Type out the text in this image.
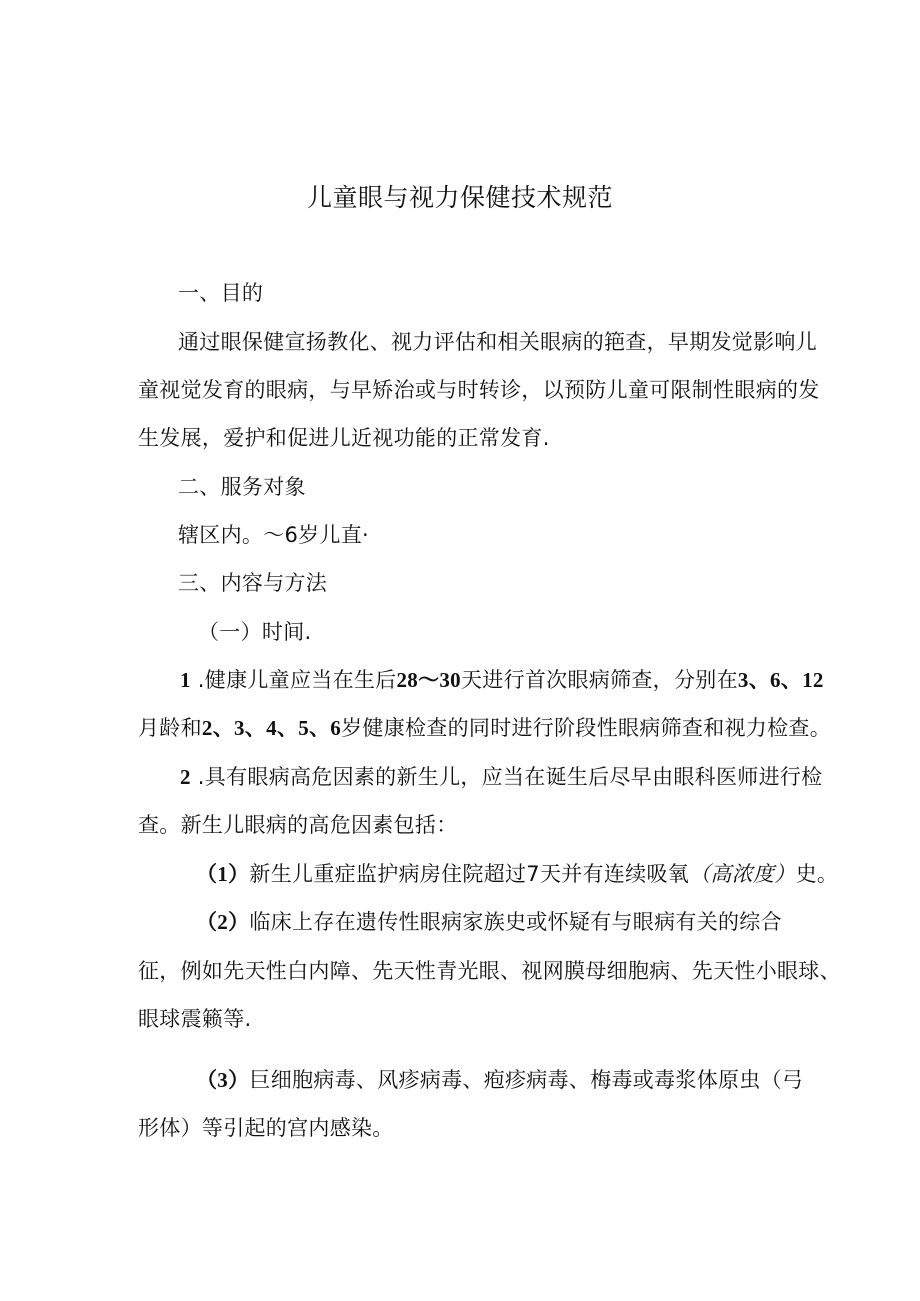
儿童眼与视力保健技术规范
一、目的
通过眼保健宣扬教化、视力评估和相关眼病的筢查，早期发觉影响儿
童视觉发育的眼病，与早矫治或与时转诊，以预防儿童可限制性眼病的发
生发展，爱护和促进儿近视功能的正常发育.
二、服务对象
辖区内。〜6岁儿直·
三、内容与方法
（一）时间.
1 .健康儿童应当在生后28〜30天进行首次眼病筛查，分别在3、6、12
月龄和2、3、4、5、6岁健康检查的同时进行阶段性眼病筛查和视力检查。
2 .具有眼病高危因素的新生儿，应当在诞生后尽早由眼科医师进行检
查。新生儿眼病的高危因素包括：
（1）新生儿重症监护病房住院超过7天并有连续吸氧（高浓度）史。
（2）临床上存在遗传性眼病家族史或怀疑有与眼病有关的综合
征，例如先天性白内障、先天性青光眼、视网膜母细胞病、先天性小眼球、
眼球震籁等.
（3）巨细胞病毒、风疹病毒、疱疹病毒、梅毒或毒浆体原虫（弓
形体）等引起的宫内感染。
